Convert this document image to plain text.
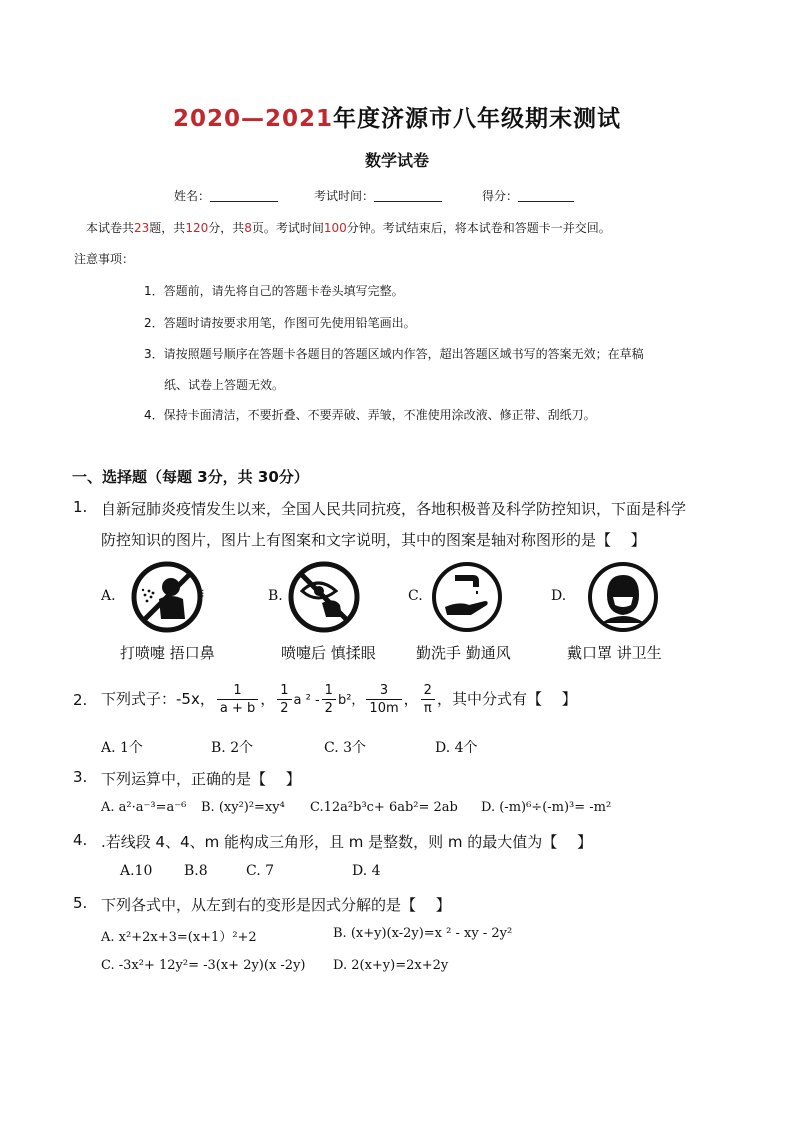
2020—2021年度济源市八年级期末测试
数学试卷
姓名：	考试时间：	得分：
本试卷共23题，共120分，共8页。考试时间100分钟。考试结束后，将本试卷和答题卡一并交回。
注意事项：
1．答题前，请先将自己的答题卡卷头填写完整。
2．答题时请按要求用笔，作图可先使用铅笔画出。
3．请按照题号顺序在答题卡各题目的答题区域内作答，超出答题区域书写的答案无效；在草稿
纸、试卷上答题无效。
4．保持卡面清洁，不要折叠、不要弄破、弄皱，不准使用涂改液、修正带、刮纸刀。
一、选择题（每题 3分，共 30分）
1. 自新冠肺炎疫情发生以来，全国人民共同抗疫，各地积极普及科学防控知识，下面是科学
防控知识的图片，图片上有图案和文字说明，其中的图案是轴对称图形的是【　 】
A.	⁝	B.	C.	D.
打喷嚏 捂口鼻	喷嚏后 慎揉眼	勤洗手 勤通风	戴口罩 讲卫生
2. 下列式子：-5x， $\frac{1}{a + b}$ ， $\frac{1}{2}$ a $^2 - \frac{1}{2} b^2$， $\frac{3}{10m}$ ， $\frac{2}{\pi}$ ，其中分式有【　 】
A. 1个	B. 2个	C. 3个	D. 4个
3. 下列运算中，正确的是【　 】
A. a²·a⁻³=a⁻⁶ B. (xy²)²=xy⁴ C.12a²b³c+ 6ab²= 2ab D. (-m)⁶÷(-m)³= -m²
4. .若线段 4、4、m 能构成三角形，且 m 是整数，则 m 的最大值为【　 】
A.10 B.8	C. 7	D. 4
5. 下列各式中，从左到右的变形是因式分解的是【　 】
A. x²+2x+3=(x+1）²+2	B. (x+y)(x-2y)=x ² - xy - 2y²
C. -3x²+ 12y²= -3(x+ 2y)(x -2y) D. 2(x+y)=2x+2y
